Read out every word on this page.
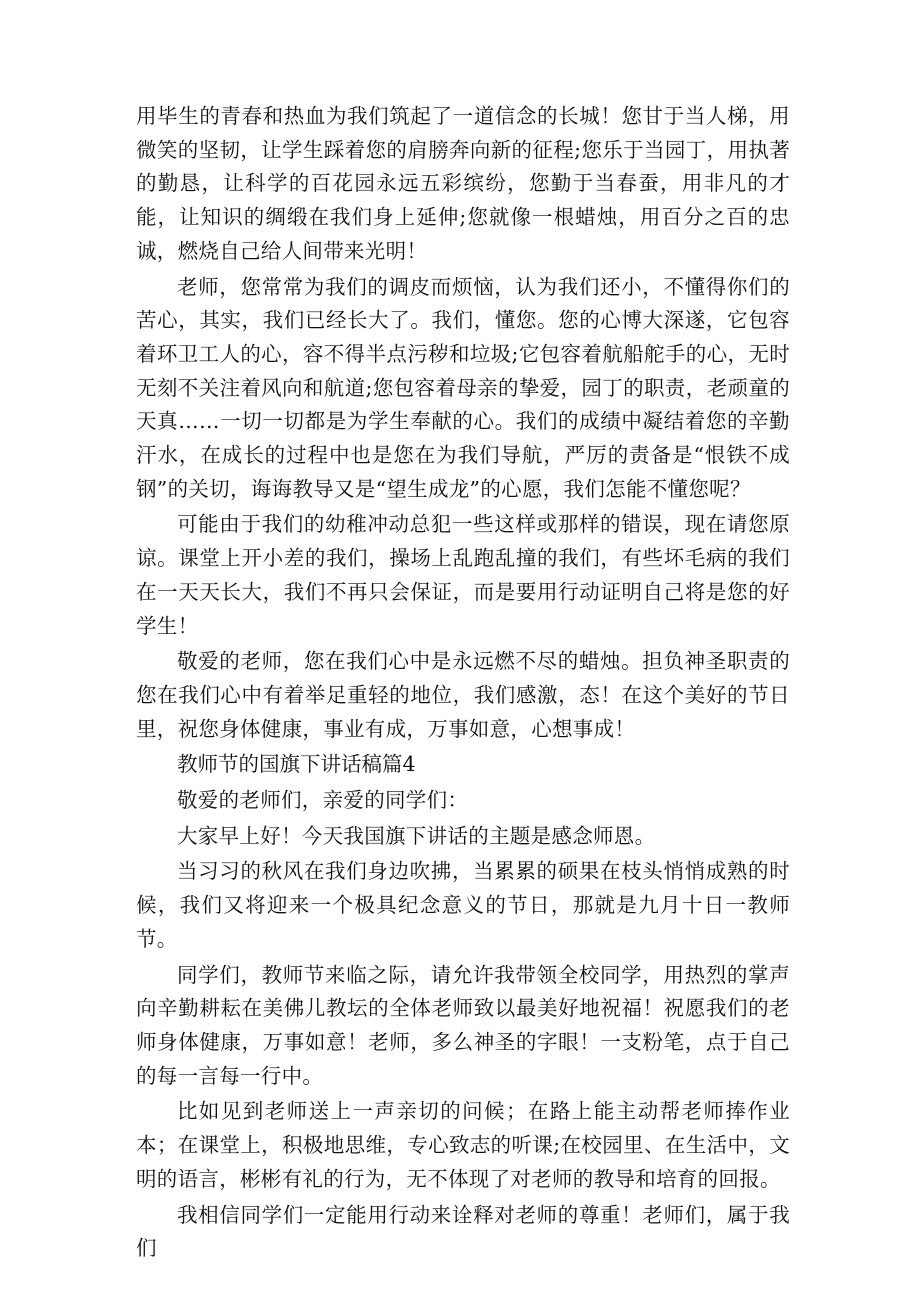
用毕生的青春和热血为我们筑起了一道信念的长城！您甘于当人梯，用微笑的坚韧，让学生踩着您的肩膀奔向新的征程;您乐于当园丁，用执著的勤恳，让科学的百花园永远五彩缤纷，您勤于当春蚕，用非凡的才能，让知识的绸缎在我们身上延伸;您就像一根蜡烛，用百分之百的忠诚，燃烧自己给人间带来光明！

老师，您常常为我们的调皮而烦恼，认为我们还小，不懂得你们的苦心，其实，我们已经长大了。我们，懂您。您的心博大深遂，它包容着环卫工人的心，容不得半点污秽和垃圾;它包容着航船舵手的心，无时无刻不关注着风向和航道;您包容着母亲的挚爱，园丁的职责，老顽童的天真……一切一切都是为学生奉献的心。我们的成绩中凝结着您的辛勤汗水，在成长的过程中也是您在为我们导航，严厉的责备是“恨铁不成钢”的关切，诲诲教导又是“望生成龙”的心愿，我们怎能不懂您呢？

可能由于我们的幼稚冲动总犯一些这样或那样的错误，现在请您原谅。课堂上开小差的我们，操场上乱跑乱撞的我们，有些坏毛病的我们在一天天长大，我们不再只会保证，而是要用行动证明自己将是您的好学生！

敬爱的老师，您在我们心中是永远燃不尽的蜡烛。担负神圣职责的您在我们心中有着举足重轻的地位，我们感激，态！在这个美好的节日里，祝您身体健康，事业有成，万事如意，心想事成！

教师节的国旗下讲话稿篇4

敬爱的老师们，亲爱的同学们：

大家早上好！今天我国旗下讲话的主题是感念师恩。

当习习的秋风在我们身边吹拂，当累累的硕果在枝头悄悄成熟的时候，我们又将迎来一个极具纪念意义的节日，那就是九月十日一教师节。

同学们，教师节来临之际，请允许我带领全校同学，用热烈的掌声向辛勤耕耘在美佛儿教坛的全体老师致以最美好地祝福！祝愿我们的老师身体健康，万事如意！老师，多么神圣的字眼！一支粉笔，点于自己的每一言每一行中。

比如见到老师送上一声亲切的问候；在路上能主动帮老师捧作业本；在课堂上，积极地思维，专心致志的听课;在校园里、在生活中，文明的语言，彬彬有礼的行为，无不体现了对老师的教导和培育的回报。

我相信同学们一定能用行动来诠释对老师的尊重！老师们，属于我们
